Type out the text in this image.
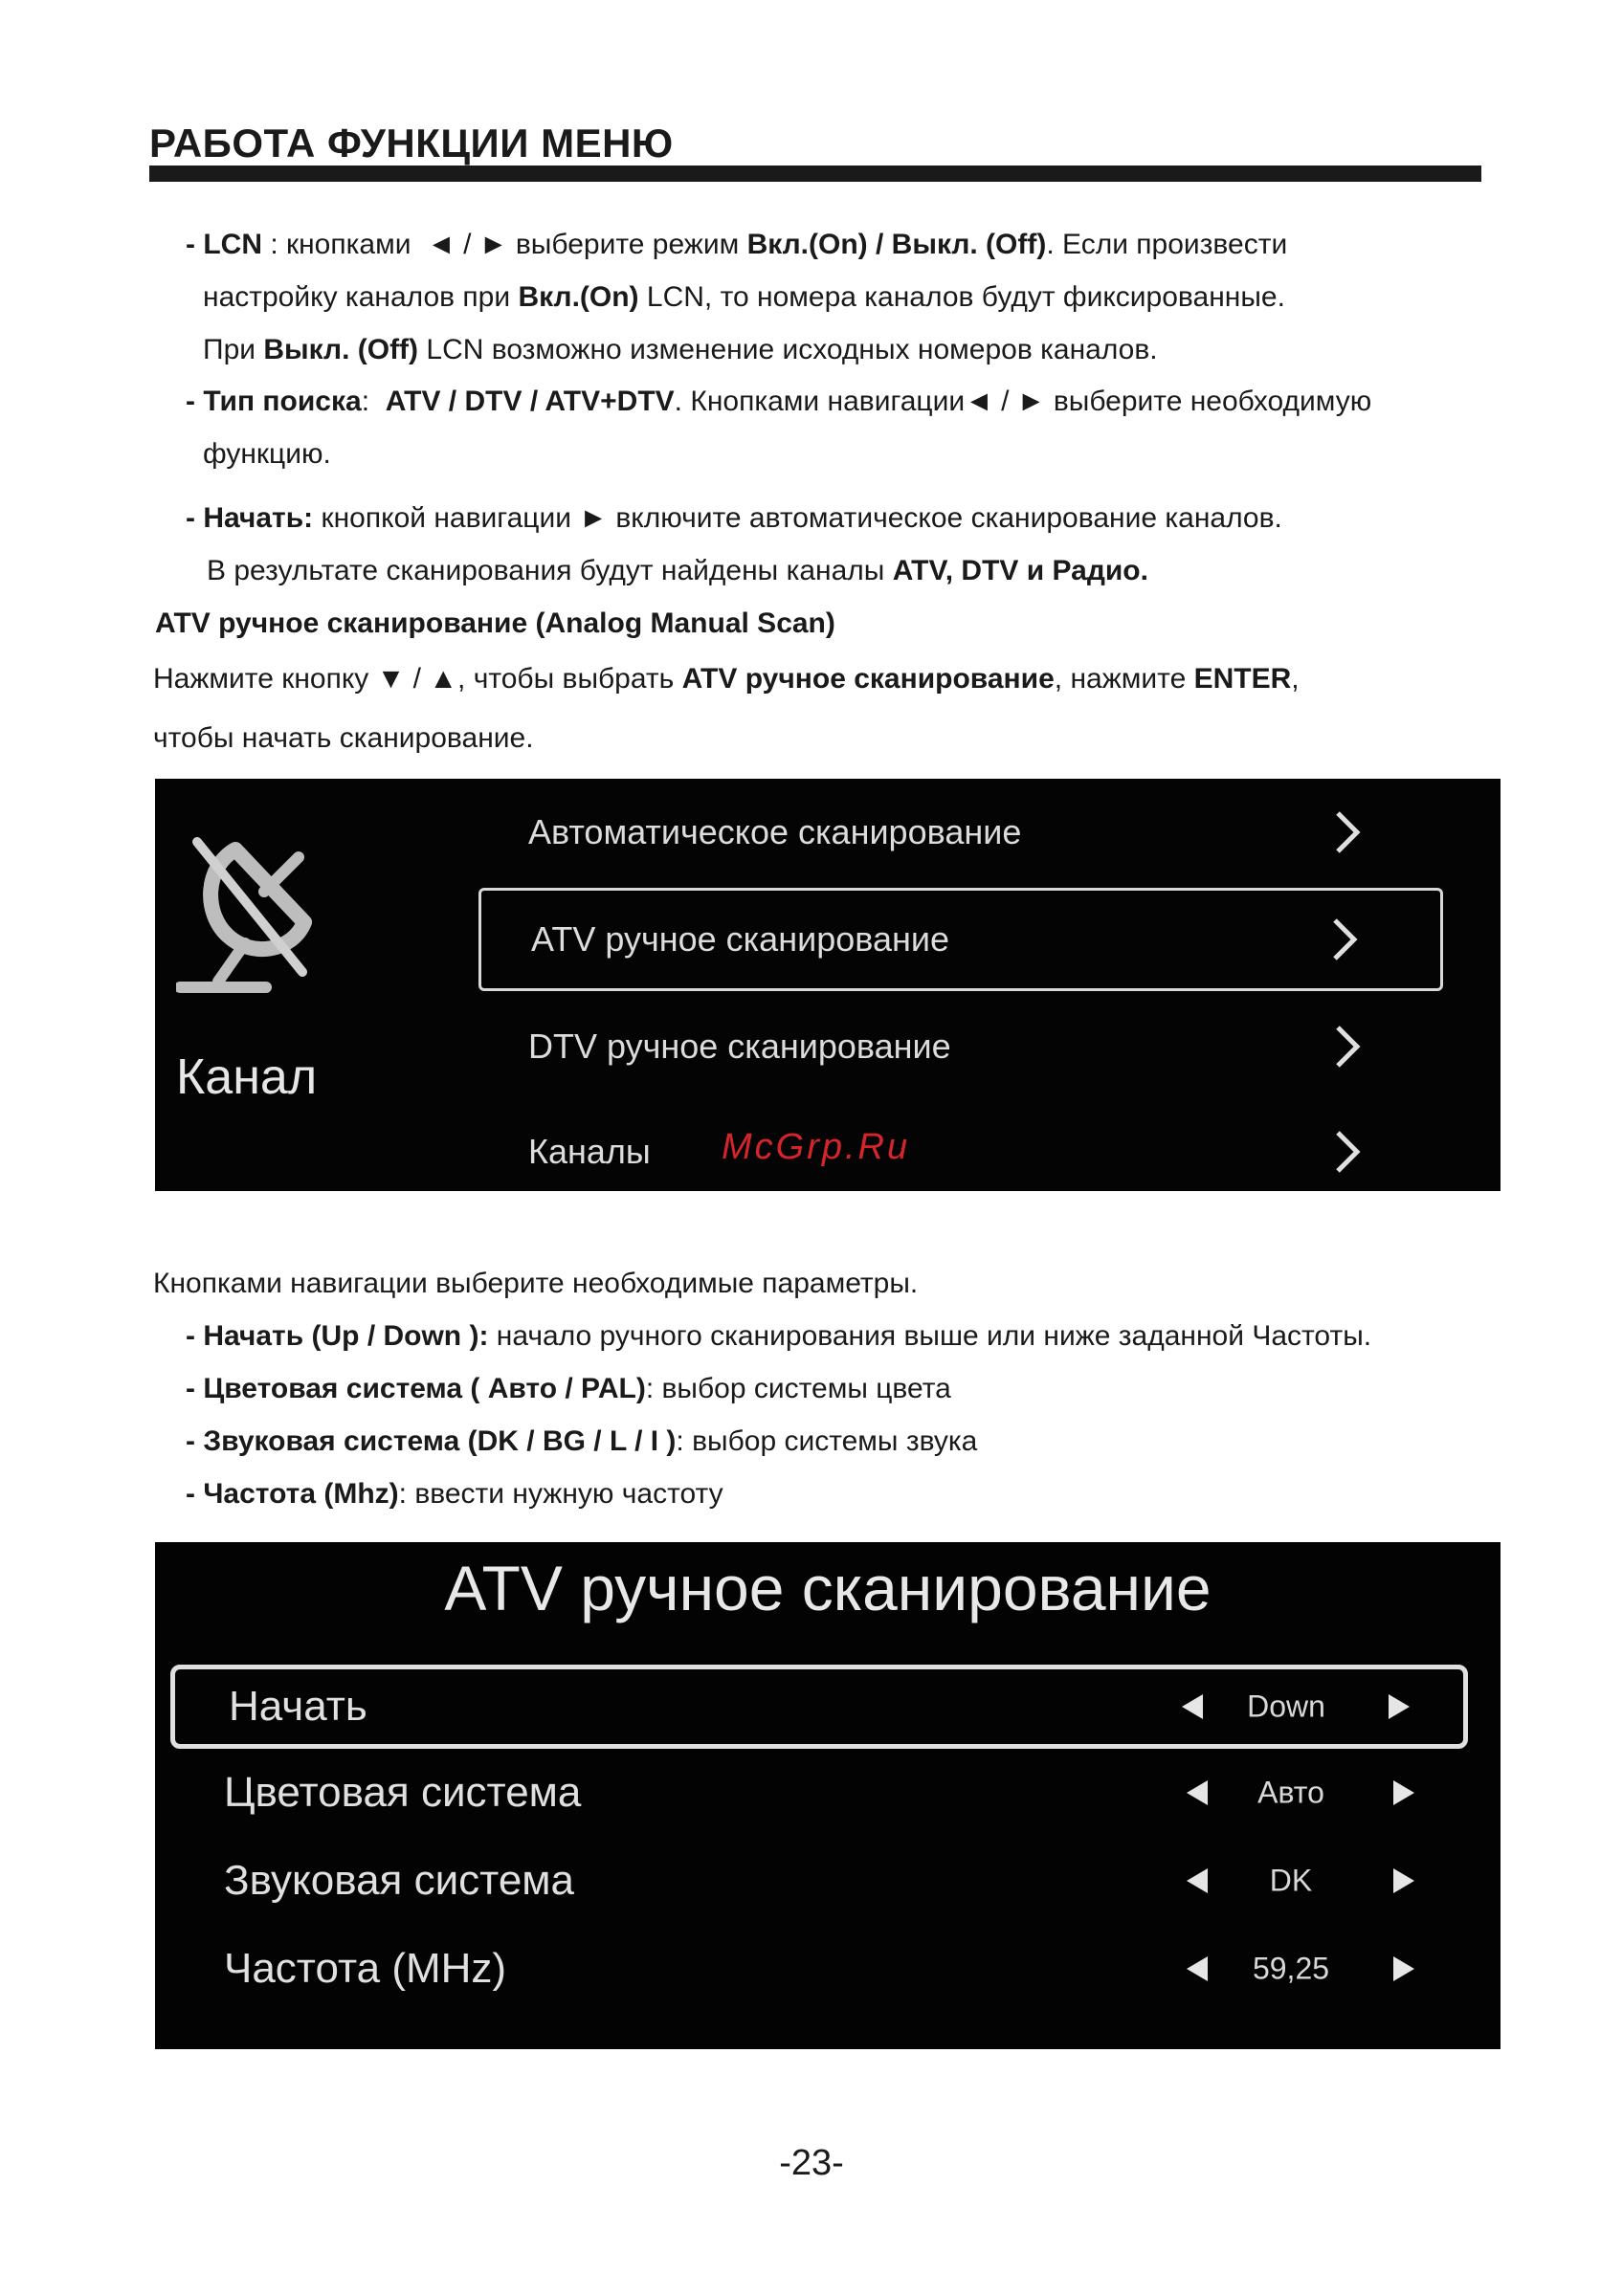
РАБОТА ФУНКЦИИ МЕНЮ
- LCN : кнопками  ◄ / ► выберите режим Вкл.(On) / Выкл. (Off). Если произвести
настройку каналов при Вкл.(On) LCN, то номера каналов будут фиксированные.
При Выкл. (Off) LCN возможно изменение исходных номеров каналов.
- Тип поиска:  ATV / DTV / ATV+DTV. Кнопками навигации◄ / ► выберите необходимую
функцию.
- Начать: кнопкой навигации ► включите автоматическое сканирование каналов.
В результате сканирования будут найдены каналы ATV, DTV и Радио.
ATV ручное сканирование (Analog Manual Scan)
Нажмите кнопку ▼ / ▲, чтобы выбрать ATV ручное сканирование, нажмите ENTER,
чтобы начать сканирование.
Канал
Автоматическое сканирование
ATV ручное сканирование
DTV ручное сканирование
Каналы McGrp.Ru
Кнопками навигации выберите необходимые параметры.
- Начать (Up / Down ): начало ручного сканирования выше или ниже заданной Частоты.
- Цветовая система ( Авто / PAL): выбор системы цвета
- Звуковая система (DK / BG / L / I ): выбор системы звука
- Частота (Mhz): ввести нужную частоту
ATV ручное сканирование
Начать	Down
Цветовая система	Авто
Звуковая система	DK
Частота (MHz)	59,25
-23-
